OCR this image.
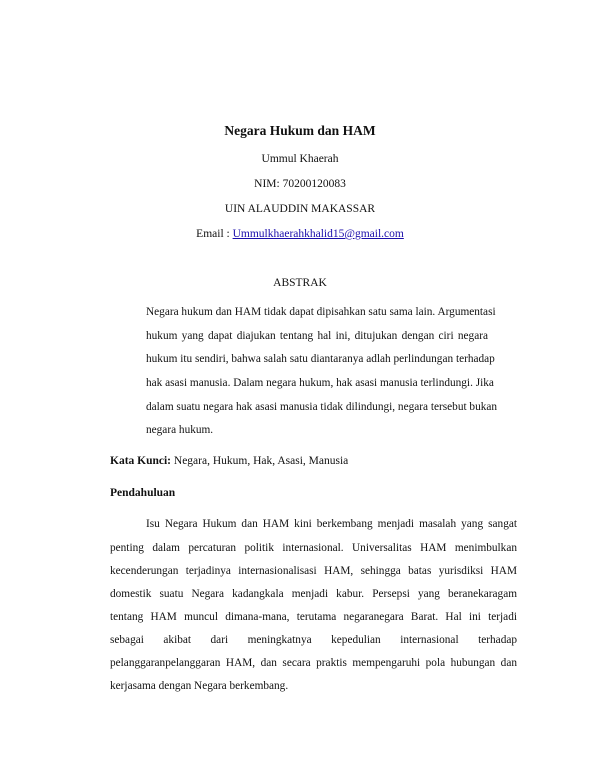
Negara Hukum dan HAM
Ummul Khaerah
NIM: 70200120083
UIN ALAUDDIN MAKASSAR
Email : Ummulkhaerahkhalid15@gmail.com
ABSTRAK
Negara hukum dan HAM tidak dapat dipisahkan satu sama lain. Argumentasi
hukum yang dapat diajukan tentang hal ini, ditujukan dengan ciri negara
hukum itu sendiri, bahwa salah satu diantaranya adlah perlindungan terhadap
hak asasi manusia. Dalam negara hukum, hak asasi manusia terlindungi. Jika
dalam suatu negara hak asasi manusia tidak dilindungi, negara tersebut bukan
negara hukum.
Kata Kunci: Negara, Hukum, Hak, Asasi, Manusia
Pendahuluan
Isu Negara Hukum dan HAM kini berkembang menjadi masalah yang sangat
penting dalam percaturan politik internasional. Universalitas HAM menimbulkan
kecenderungan terjadinya internasionalisasi HAM, sehingga batas yurisdiksi HAM
domestik suatu Negara kadangkala menjadi kabur. Persepsi yang beranekaragam
tentang HAM muncul dimana-mana, terutama negaranegara Barat. Hal ini terjadi
sebagai akibat dari meningkatnya kepedulian internasional terhadap
pelanggaranpelanggaran HAM, dan secara praktis mempengaruhi pola hubungan dan
kerjasama dengan Negara berkembang.
